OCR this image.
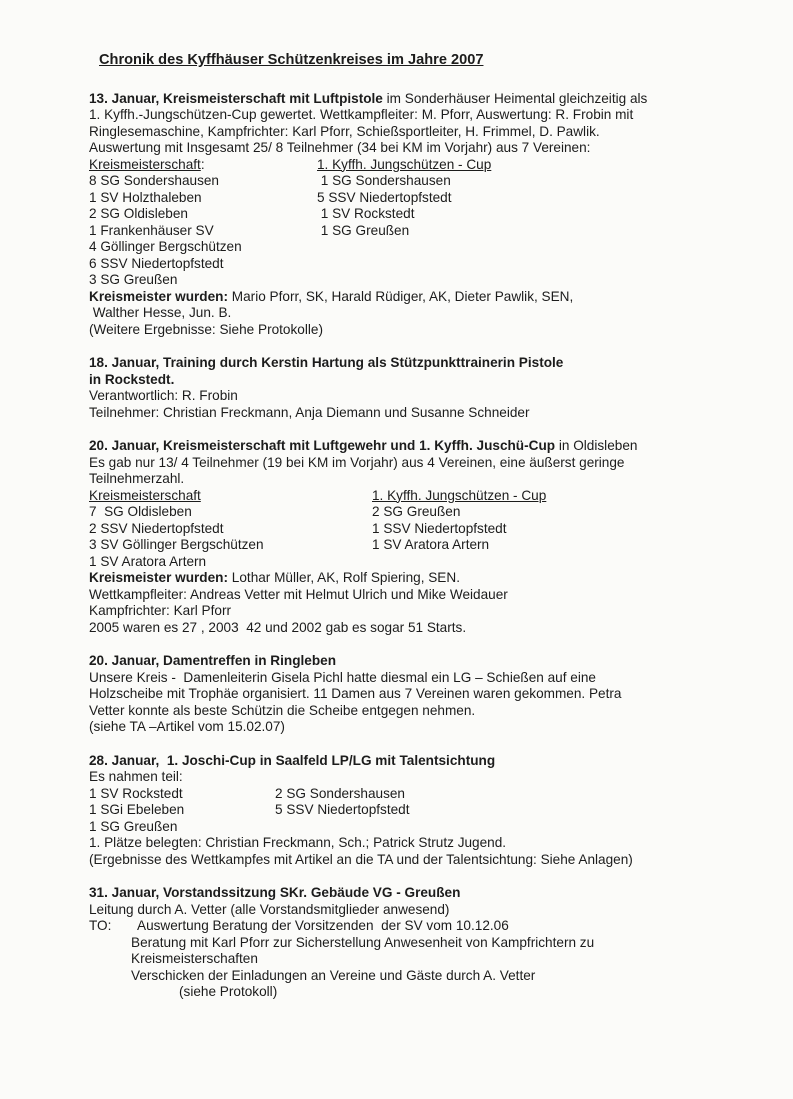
Chronik des Kyffhäuser Schützenkreises im Jahre 2007
13. Januar, Kreismeisterschaft mit Luftpistole im Sonderhäuser Heimental gleichzeitig als
1. Kyffh.-Jungschützen-Cup gewertet. Wettkampfleiter: M. Pforr, Auswertung: R. Frobin mit
Ringlesemaschine, Kampfrichter: Karl Pforr, Schießsportleiter, H. Frimmel, D. Pawlik.
Auswertung mit Insgesamt 25/ 8 Teilnehmer (34 bei KM im Vorjahr) aus 7 Vereinen:
Kreismeisterschaft:	1. Kyffh. Jungschützen - Cup
8 SG Sondershausen	1 SG Sondershausen
1 SV Holzthaleben	5 SSV Niedertopfstedt
2 SG Oldisleben	1 SV Rockstedt
1 Frankenhäuser SV	1 SG Greußen
4 Göllinger Bergschützen
6 SSV Niedertopfstedt
3 SG Greußen
Kreismeister wurden: Mario Pforr, SK, Harald Rüdiger, AK, Dieter Pawlik, SEN,
Walther Hesse, Jun. B.
(Weitere Ergebnisse: Siehe Protokolle)
18. Januar, Training durch Kerstin Hartung als Stützpunkttrainerin Pistole
in Rockstedt.
Verantwortlich: R. Frobin
Teilnehmer: Christian Freckmann, Anja Diemann und Susanne Schneider
20. Januar, Kreismeisterschaft mit Luftgewehr und 1. Kyffh. Juschü-Cup in Oldisleben
Es gab nur 13/ 4 Teilnehmer (19 bei KM im Vorjahr) aus 4 Vereinen, eine äußerst geringe
Teilnehmerzahl.
Kreismeisterschaft	1. Kyffh. Jungschützen - Cup
7  SG Oldisleben	2 SG Greußen
2 SSV Niedertopfstedt	1 SSV Niedertopfstedt
3 SV Göllinger Bergschützen	1 SV Aratora Artern
1 SV Aratora Artern
Kreismeister wurden: Lothar Müller, AK, Rolf Spiering, SEN.
Wettkampfleiter: Andreas Vetter mit Helmut Ulrich und Mike Weidauer
Kampfrichter: Karl Pforr
2005 waren es 27 , 2003  42 und 2002 gab es sogar 51 Starts.
20. Januar, Damentreffen in Ringleben
Unsere Kreis -  Damenleiterin Gisela Pichl hatte diesmal ein LG – Schießen auf eine
Holzscheibe mit Trophäe organisiert. 11 Damen aus 7 Vereinen waren gekommen. Petra
Vetter konnte als beste Schützin die Scheibe entgegen nehmen.
(siehe TA –Artikel vom 15.02.07)
28. Januar,  1. Joschi-Cup in Saalfeld LP/LG mit Talentsichtung
Es nahmen teil:
1 SV Rockstedt	2 SG Sondershausen
1 SGi Ebeleben	5 SSV Niedertopfstedt
1 SG Greußen
1. Plätze belegten: Christian Freckmann, Sch.; Patrick Strutz Jugend.
(Ergebnisse des Wettkampfes mit Artikel an die TA und der Talentsichtung: Siehe Anlagen)
31. Januar, Vorstandssitzung SKr. Gebäude VG - Greußen
Leitung durch A. Vetter (alle Vorstandsmitglieder anwesend)
TO:	Auswertung Beratung der Vorsitzenden  der SV vom 10.12.06
Beratung mit Karl Pforr zur Sicherstellung Anwesenheit von Kampfrichtern zu
Kreismeisterschaften
Verschicken der Einladungen an Vereine und Gäste durch A. Vetter
(siehe Protokoll)
